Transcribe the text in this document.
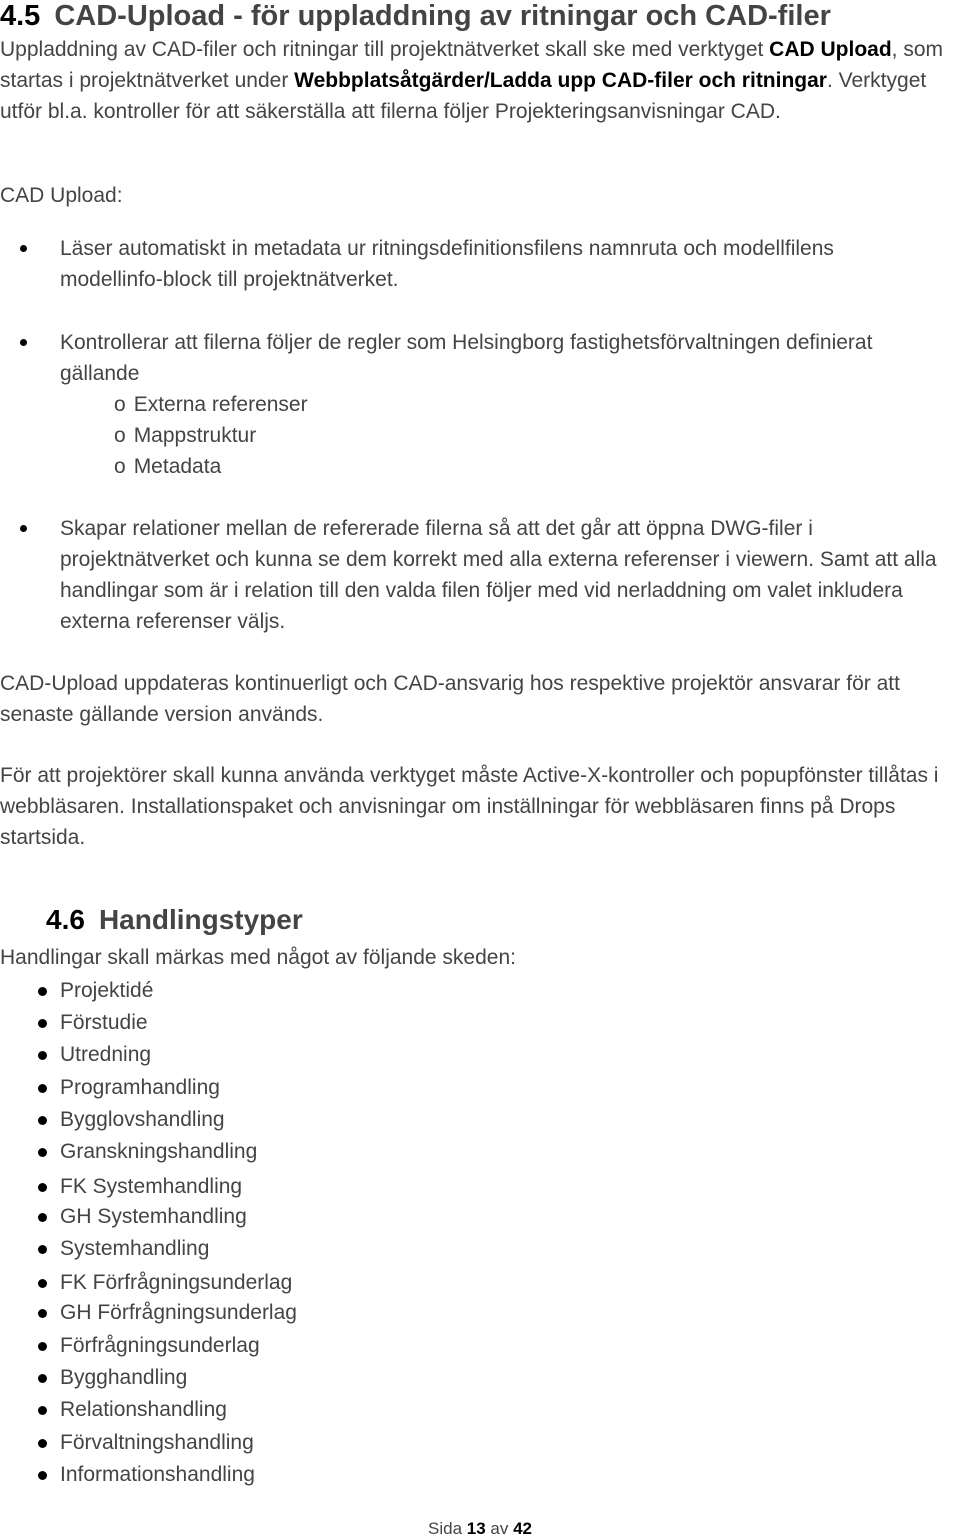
4.5 CAD-Upload - för uppladdning av ritningar och CAD-filer
Uppladdning av CAD-filer och ritningar till projektnätverket skall ske med verktyget CAD Upload, som startas i projektnätverket under Webbplatsåtgärder/Ladda upp CAD-filer och ritningar. Verktyget utför bl.a. kontroller för att säkerställa att filerna följer Projekteringsanvisningar CAD.
CAD Upload:
Läser automatiskt in metadata ur ritningsdefinitionsfilens namnruta och modellfilens modellinfo-block till projektnätverket.
Kontrollerar att filerna följer de regler som Helsingborg fastighetsförvaltningen definierat gällande
o Externa referenser
o Mappstruktur
o Metadata
Skapar relationer mellan de refererade filerna så att det går att öppna DWG-filer i projektnätverket och kunna se dem korrekt med alla externa referenser i viewern. Samt att alla handlingar som är i relation till den valda filen följer med vid nerladdning om valet inkludera externa referenser väljs.
CAD-Upload uppdateras kontinuerligt och CAD-ansvarig hos respektive projektör ansvarar för att senaste gällande version används.
För att projektörer skall kunna använda verktyget måste Active-X-kontroller och popupfönster tillåtas i webbläsaren. Installationspaket och anvisningar om inställningar för webbläsaren finns på Drops startsida.
4.6 Handlingstyper
Handlingar skall märkas med något av följande skeden:
Projektidé
Förstudie
Utredning
Programhandling
Bygglovshandling
Granskningshandling
FK Systemhandling
GH Systemhandling
Systemhandling
FK Förfrågningsunderlag
GH Förfrågningsunderlag
Förfrågningsunderlag
Bygghandling
Relationshandling
Förvaltningshandling
Informationshandling
Sida 13 av 42
